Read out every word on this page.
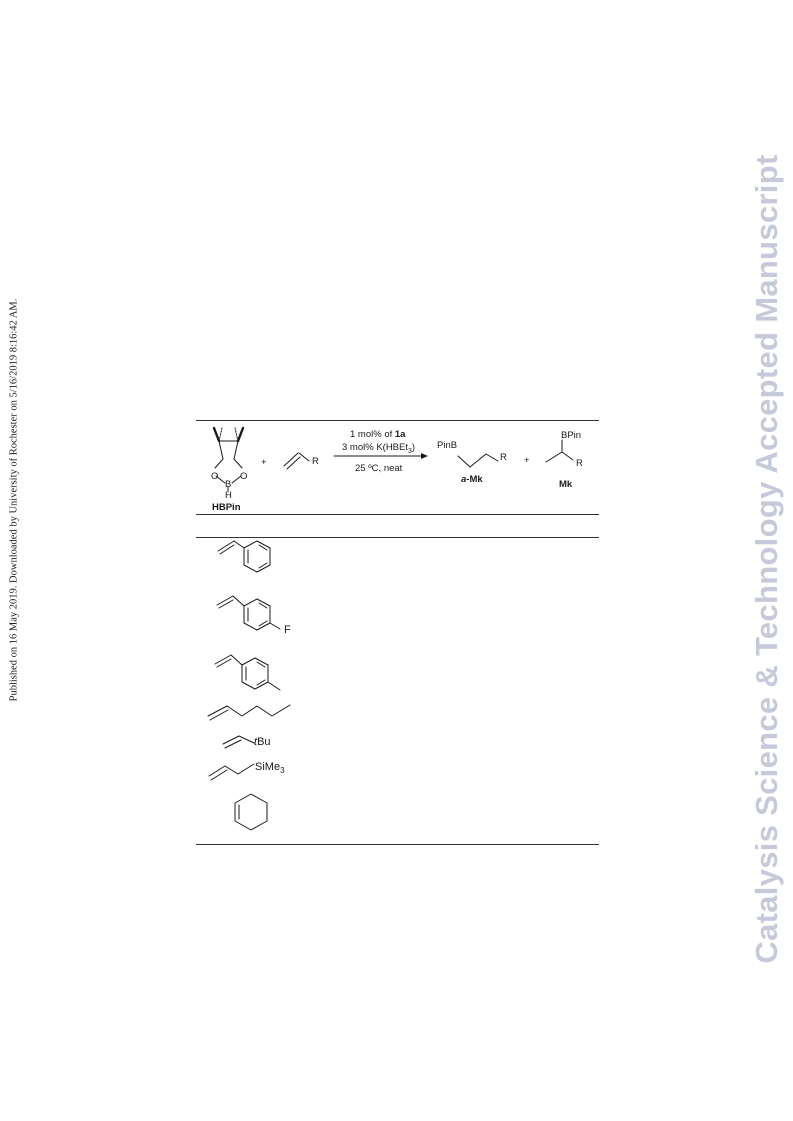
Published on 16 May 2019. Downloaded by University of Rochester on 5/16/2019 8:16:42 AM.	Catalysis Science & Technology Accepted Manuscript
O O
B
H
HBPin
+	R
1 mol% of 1a
3 mol% K(HBEt$_3$)
25 ºC, neat
PinB
R
a-Mk
+
BPin
R
Mk
F
tBu
SiMe$_3$
